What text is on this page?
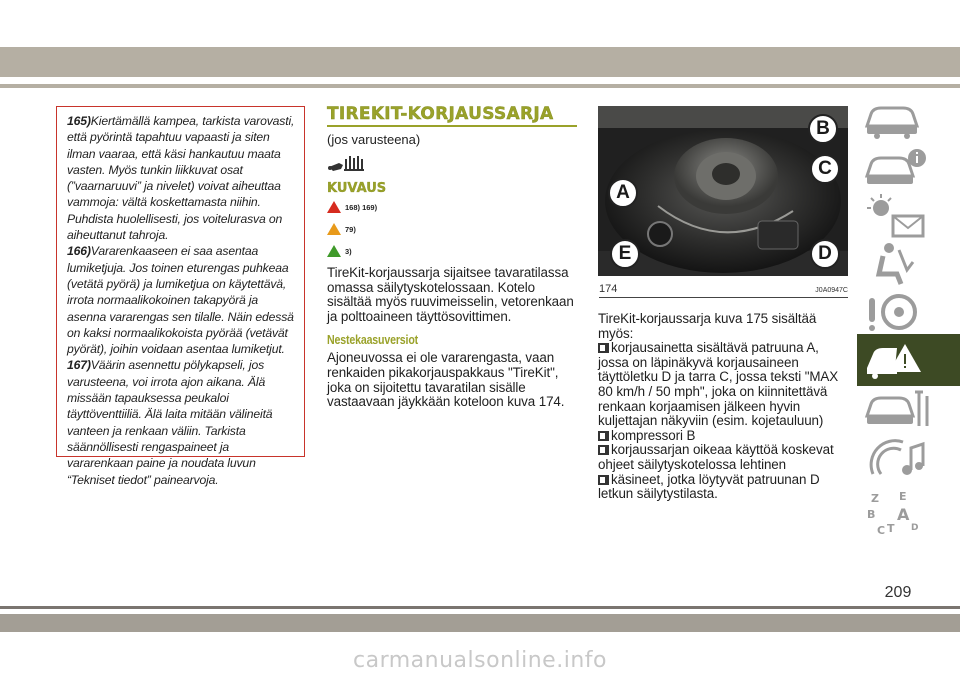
165)Kiertämällä kampea, tarkista varovasti, että pyörintä tapahtuu vapaasti ja siten ilman vaaraa, että käsi hankautuu maata vasten. Myös tunkin liikkuvat osat (”vaarnaruuvi” ja nivelet) voivat aiheuttaa vammoja: vältä koskettamasta niihin. Puhdista huolellisesti, jos voitelurasva on aiheuttanut tahroja.
166)Vararenkaaseen ei saa asentaa lumiketjuja. Jos toinen eturengas puhkeaa (vetätä pyörä) ja lumiketjua on käytettävä, irrota normaalikokoinen takapyörä ja asenna vararengas sen tilalle. Näin edessä on kaksi normaalikokoista pyörää (vetävät pyörät), joihin voidaan asentaa lumiketjut.
167)Väärin asennettu pölykapseli, jos varusteena, voi irrota ajon aikana. Älä missään tapauksessa peukaloi täyttöventtiiliä. Älä laita mitään välineitä vanteen ja renkaan väliin. Tarkista säännöllisesti rengaspaineet ja vararenkaan paine ja noudata luvun “Tekniset tiedot” painearvoja.

TIREKIT-KORJAUSSARJA
(jos varusteena)
KUVAUS
168) 169)
79)
3)

TireKit-korjaussarja sijaitsee tavaratilassa omassa säilytyskotelossaan. Kotelo sisältää myös ruuvimeisselin, vetorenkaan ja polttoaineen täyttösovittimen.

Nestekaasuversiot

Ajoneuvossa ei ole vararengasta, vaan renkaiden pikakorjauspakkaus "TireKit", joka on sijoitettu tavaratilan sisälle vastaavaan jäykkään koteloon kuva 174.

A
B
C
D
E
174	J0A0947C

TireKit-korjaussarja kuva 175 sisältää myös:
korjausainetta sisältävä patruuna A, jossa on läpinäkyvä korjausaineen täyttöletku D ja tarra C, jossa teksti "MAX 80 km/h / 50 mph", joka on kiinnitettävä renkaan korjaamisen jälkeen hyvin kuljettajan näkyviin (esim. kojetauluun)
kompressori B
korjaussarjan oikeaa käyttöä koskevat ohjeet säilytyskotelossa lehtinen
käsineet, jotka löytyvät patruunan D letkun säilytystilasta.	Z E
B A
C T D
209
carmanualsonline.info
